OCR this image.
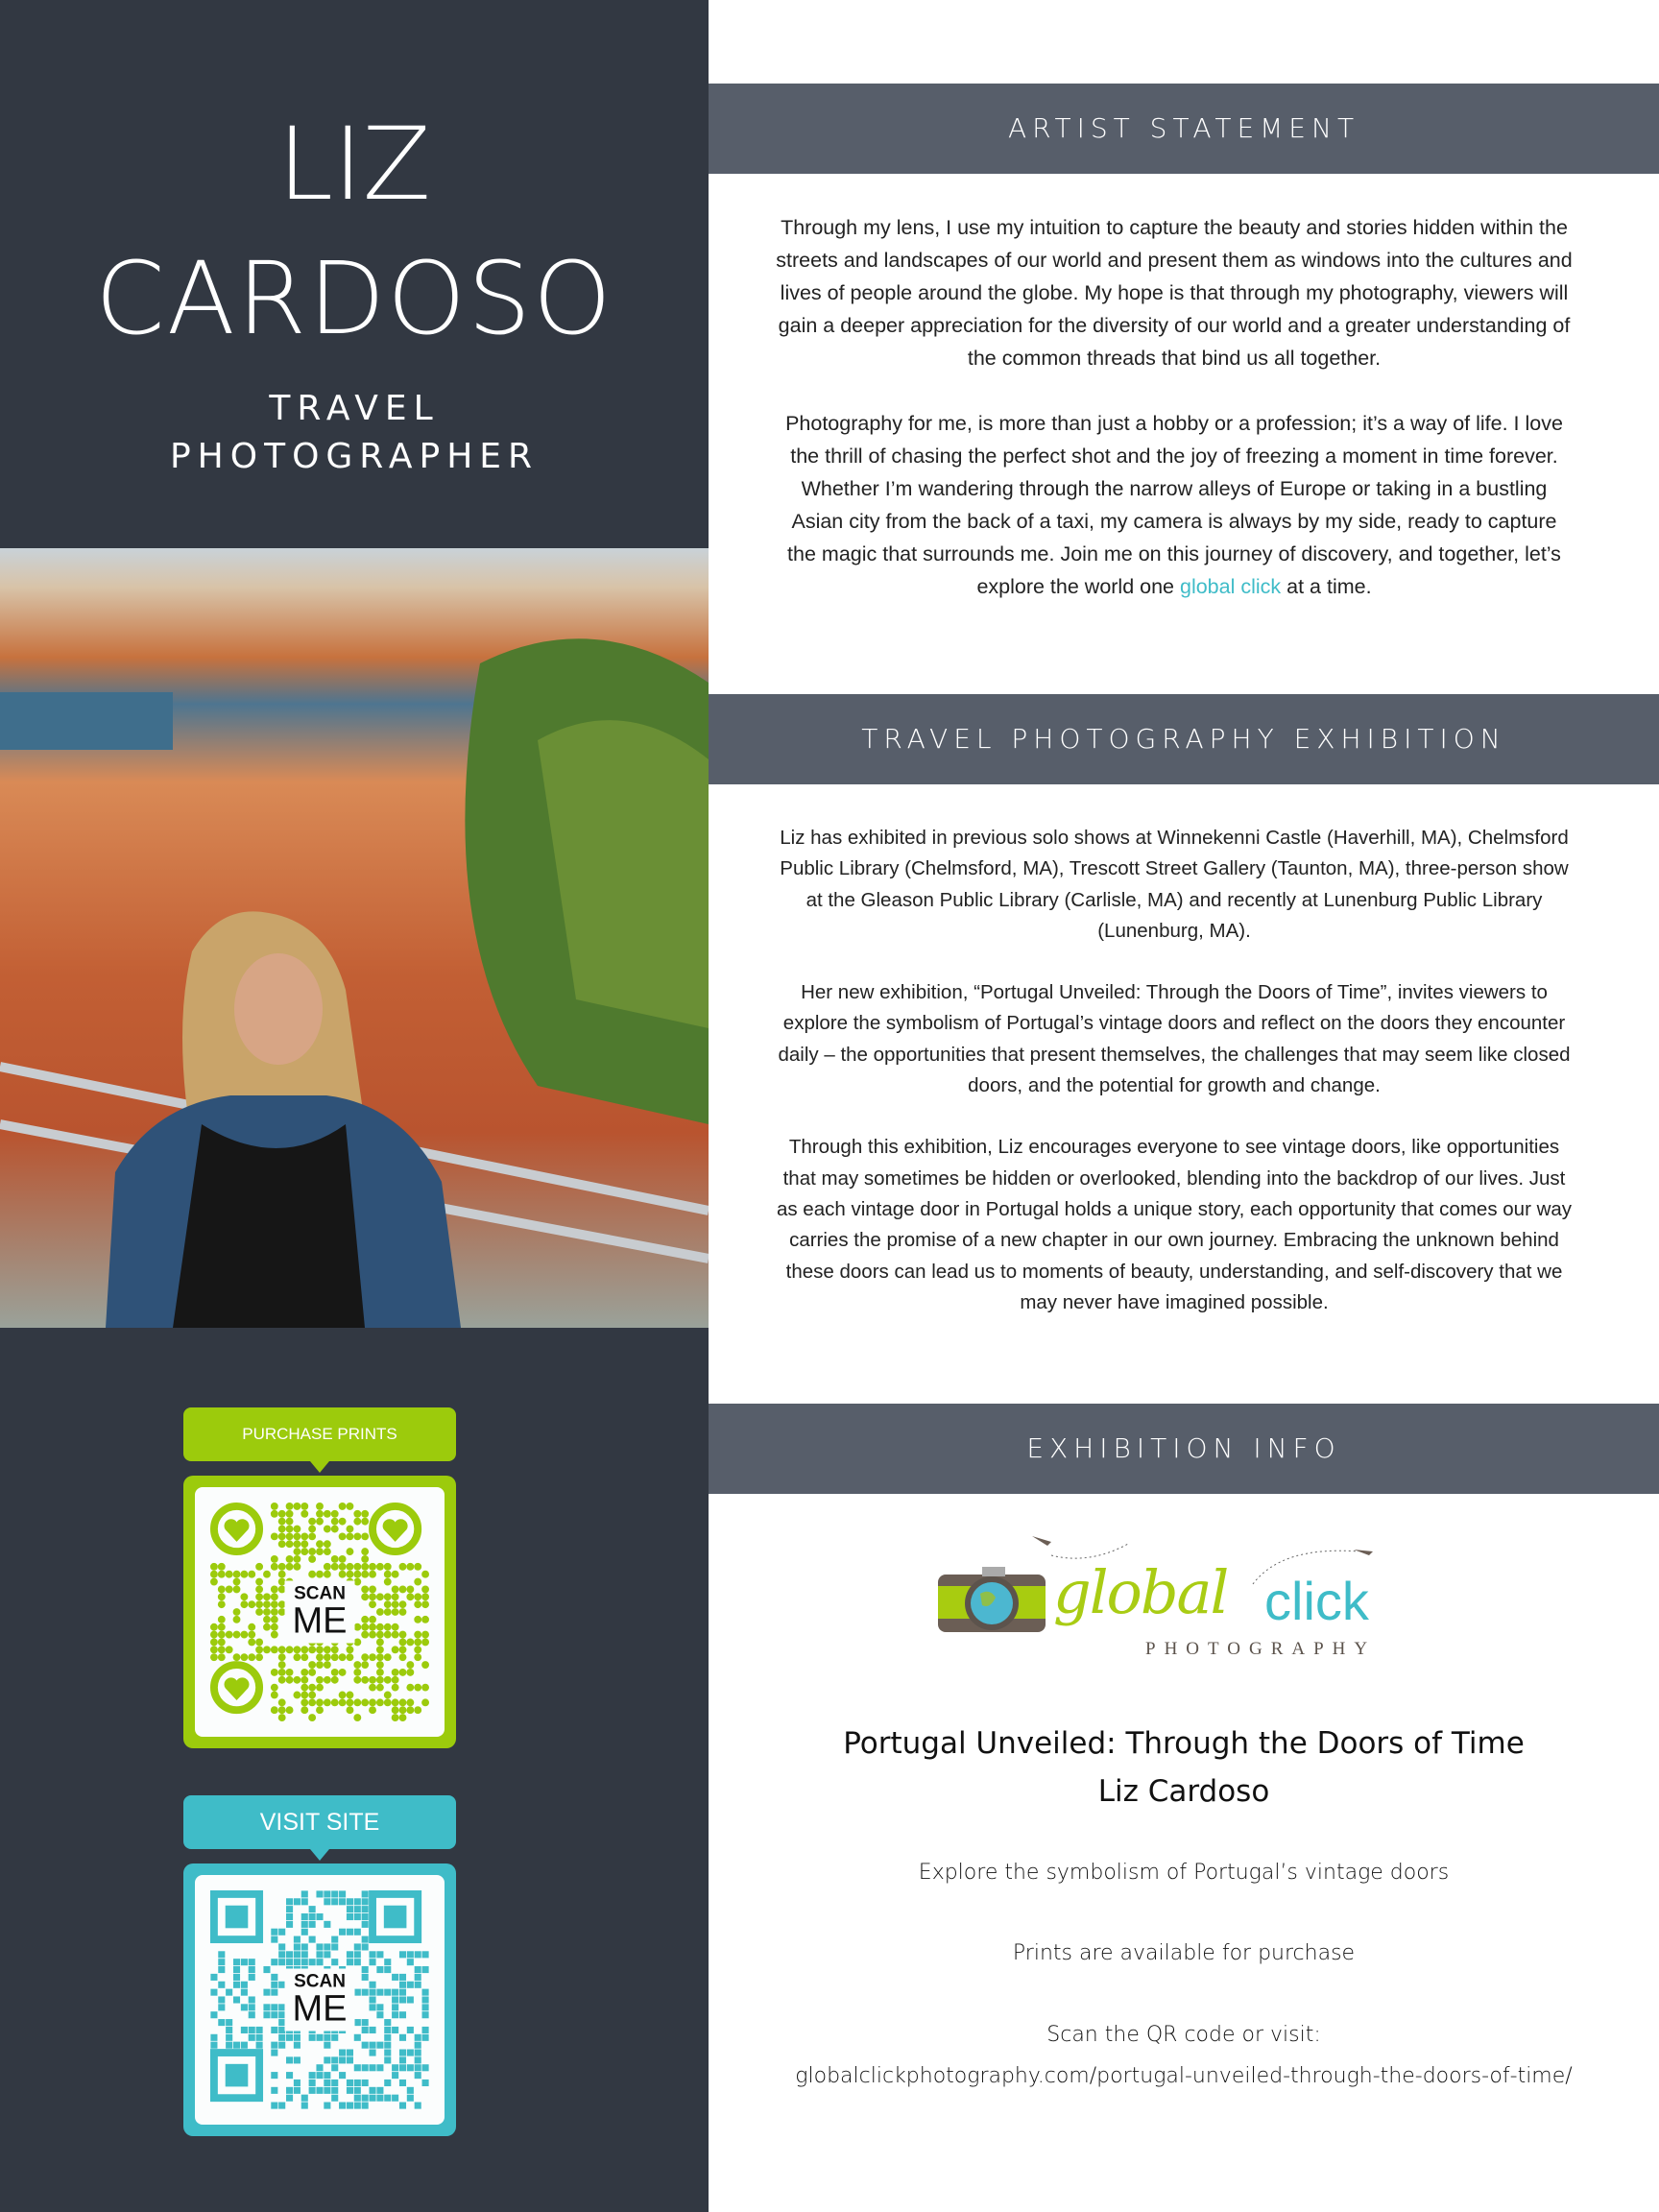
LIZ
CARDOSO
TRAVEL
PHOTOGRAPHER
PURCHASE PRINTS
SCAN
ME
VISIT SITE
SCAN
ME
ARTIST STATEMENT

Through my lens, I use my intuition to capture the beauty and stories hidden within the streets and landscapes of our world and present them as windows into the cultures and lives of people around the globe. My hope is that through my photography, viewers will gain a deeper appreciation for the diversity of our world and a greater understanding of the common threads that bind us all together.

Photography for me, is more than just a hobby or a profession; it’s a way of life. I love the thrill of chasing the perfect shot and the joy of freezing a moment in time forever. Whether I’m wandering through the narrow alleys of Europe or taking in a bustling Asian city from the back of a taxi, my camera is always by my side, ready to capture the magic that surrounds me. Join me on this journey of discovery, and together, let’s explore the world one global click at a time.

TRAVEL PHOTOGRAPHY EXHIBITION

Liz has exhibited in previous solo shows at Winnekenni Castle (Haverhill, MA), Chelmsford Public Library (Chelmsford, MA), Trescott Street Gallery (Taunton, MA), three-person show at the Gleason Public Library (Carlisle, MA) and recently at Lunenburg Public Library (Lunenburg, MA).

Her new exhibition, “Portugal Unveiled: Through the Doors of Time”, invites viewers to explore the symbolism of Portugal’s vintage doors and reflect on the doors they encounter daily – the opportunities that present themselves, the challenges that may seem like closed doors, and the potential for growth and change.

Through this exhibition, Liz encourages everyone to see vintage doors, like opportunities that may sometimes be hidden or overlooked, blending into the backdrop of our lives. Just as each vintage door in Portugal holds a unique story, each opportunity that comes our way carries the promise of a new chapter in our own journey. Embracing the unknown behind these doors can lead us to moments of beauty, understanding, and self-discovery that we may never have imagined possible.

EXHIBITION INFO
global click
PHOTOGRAPHY
Portugal Unveiled: Through the Doors of Time
Liz Cardoso
Explore the symbolism of Portugal’s vintage doors
Prints are available for purchase
Scan the QR code or visit:
globalclickphotography.com/portugal-unveiled-through-the-doors-of-time/
